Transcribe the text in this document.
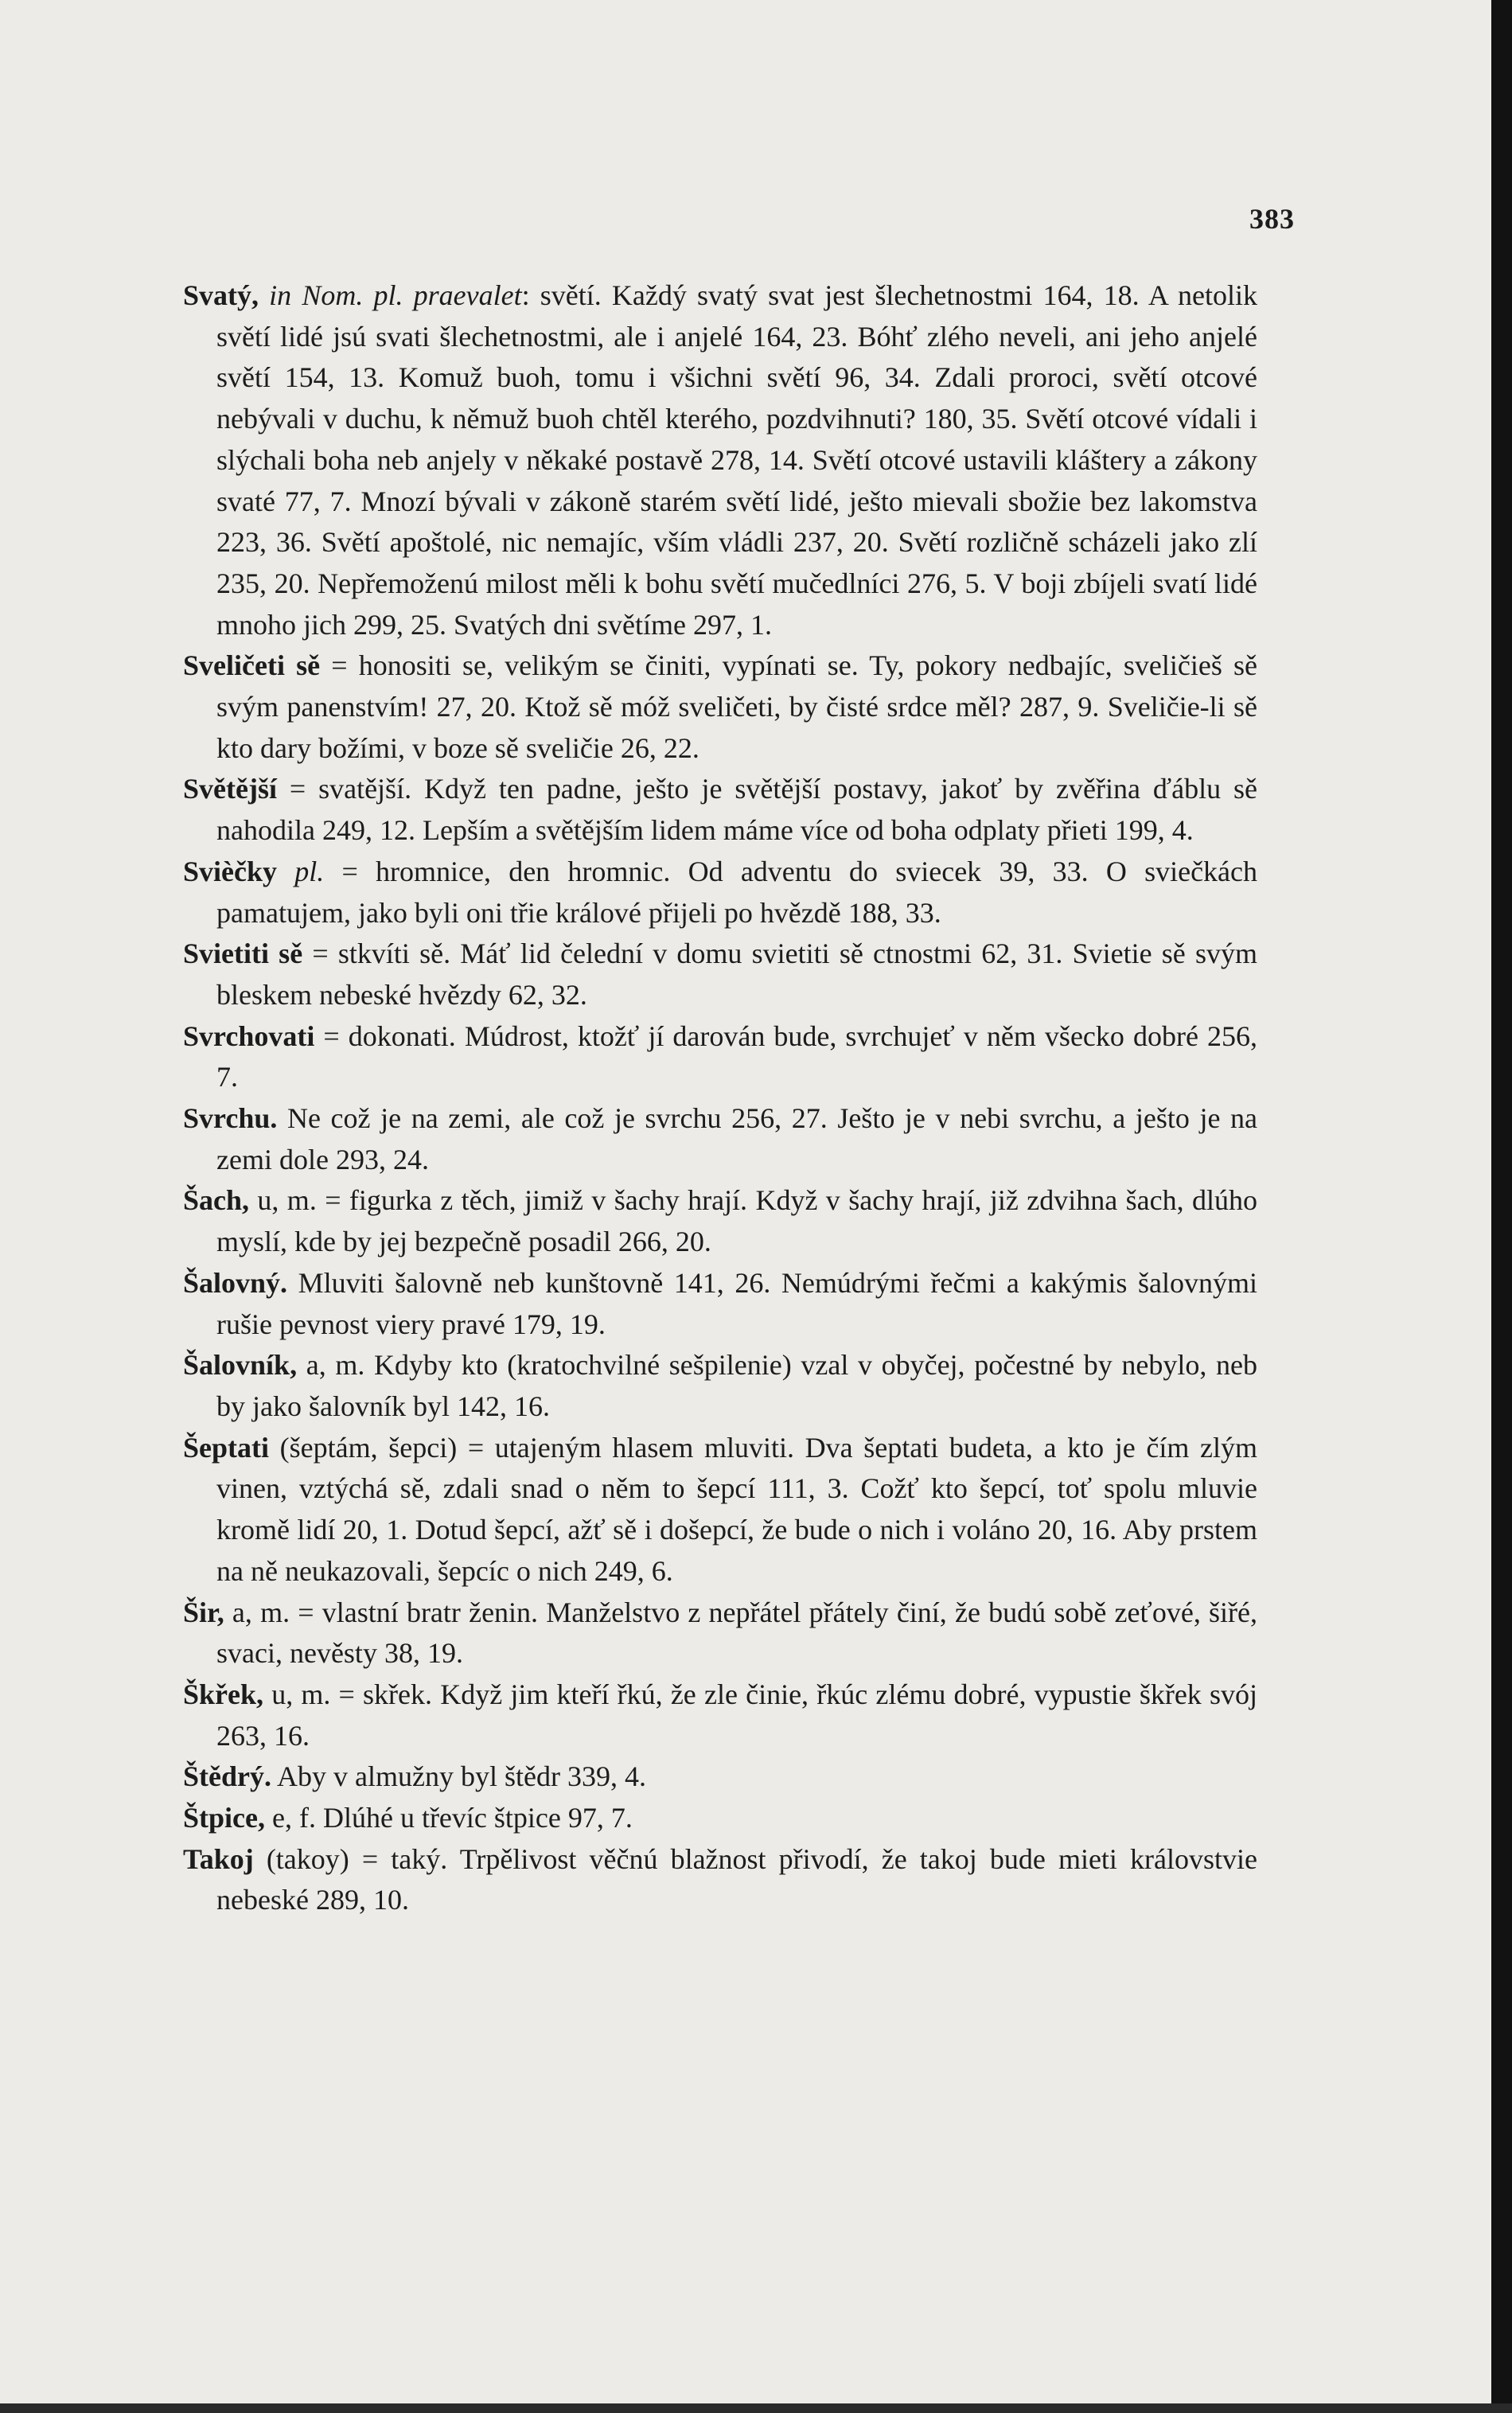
383

Svatý, in Nom. pl. praevalet: světí. Každý svatý svat jest šlechetnostmi 164, 18. A netolik světí lidé jsú svati šlechetnostmi, ale i anjelé 164, 23. Bóhť zlého neveli, ani jeho anjelé světí 154, 13. Komuž buoh, tomu i všichni světí 96, 34. Zdali proroci, světí otcové nebývali v duchu, k němuž buoh chtěl kterého, pozdvihnuti? 180, 35. Světí otcové vídali i slýchali boha neb anjely v někaké postavě 278, 14. Světí otcové ustavili kláštery a zákony svaté 77, 7. Mnozí bývali v zákoně starém světí lidé, ješto mievali sbožie bez lakomstva 223, 36. Světí apoštolé, nic nemajíc, vším vládli 237, 20. Světí rozličně scházeli jako zlí 235, 20. Nepřemoženú milost měli k bohu světí mučedlníci 276, 5. V boji zbíjeli svatí lidé mnoho jich 299, 25. Svatých dni světíme 297, 1.

Sveličeti sě = honositi se, velikým se činiti, vypínati se. Ty, pokory nedbajíc, sveličieš sě svým panenstvím! 27, 20. Ktož sě móž sveličeti, by čisté srdce měl? 287, 9. Sveličie-li sě kto dary božími, v boze sě sveličie 26, 22.

Světější = svatější. Když ten padne, ješto je světější postavy, jakoť by zvěřina ďáblu sě nahodila 249, 12. Lepším a světějším lidem máme více od boha odplaty přieti 199, 4.

Svièčky pl. = hromnice, den hromnic. Od adventu do sviecek 39, 33. O sviečkách pamatujem, jako byli oni třie králové přijeli po hvězdě 188, 33.

Svietiti sě = stkvíti sě. Máť lid čelední v domu svietiti sě ctnostmi 62, 31. Svietie sě svým bleskem nebeské hvězdy 62, 32.

Svrchovati = dokonati. Múdrost, ktožť jí darován bude, svrchujeť v něm všecko dobré 256, 7.

Svrchu. Ne což je na zemi, ale což je svrchu 256, 27. Ješto je v nebi svrchu, a ještо je na zemi dole 293, 24.

Šach, u, m. = figurka z těch, jimiž v šachy hrají. Když v šachy hrají, již zdvihna šach, dlúho myslí, kde by jej bezpečně posadil 266, 20.

Šalovný. Mluviti šalovně neb kunštovně 141, 26. Nemúdrými řečmi a kakýmis šalovnými rušie pevnost viery pravé 179, 19.

Šalovník, a, m. Kdyby kto (kratochvilné sešpilenie) vzal v obyčej, počestné by nebylo, neb by jako šalovník byl 142, 16.

Šeptati (šeptám, šepci) = utajeným hlasem mluviti. Dva šeptati budeta, a kto je čím zlým vinen, vztýchá sě, zdali snad o něm to šepcí 111, 3. Cožť kto šepcí, toť spolu mluvie kromě lidí 20, 1. Dotud šepcí, ažť sě i došepcí, že bude o nich i voláno 20, 16. Aby prstem na ně neukazovali, šepcíc o nich 249, 6.

Šir, a, m. = vlastní bratr ženin. Manželstvo z nepřátel přátely činí, že budú sobě zeťové, šiřé, svaci, nevěsty 38, 19.

Škřek, u, m. = skřek. Když jim kteří řkú, že zle činie, řkúc zlému dobré, vypustie škřek svój 263, 16.

Štědrý. Aby v almužny byl štědr 339, 4.

Štpice, e, f. Dlúhé u třevíc štpice 97, 7.

Takoj (takoy) = taký. Trpělivost věčnú blažnost přivodí, že takoj bude mieti královstvie nebeské 289, 10.
